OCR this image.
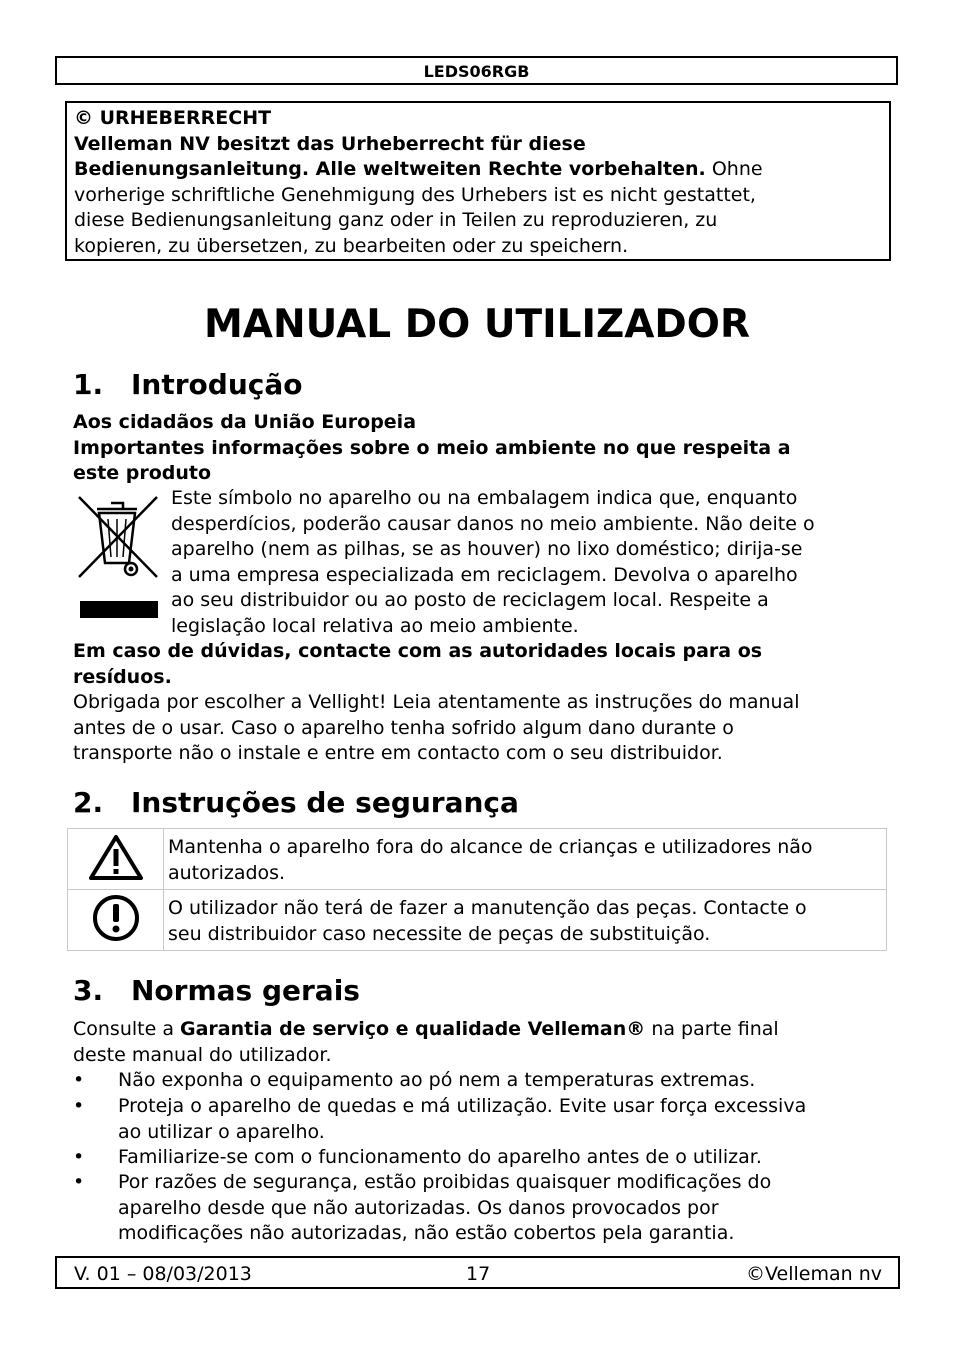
LEDS06RGB
© URHEBERRECHT
Velleman NV besitzt das Urheberrecht für diese
Bedienungsanleitung. Alle weltweiten Rechte vorbehalten. Ohne
vorherige schriftliche Genehmigung des Urhebers ist es nicht gestattet,
diese Bedienungsanleitung ganz oder in Teilen zu reproduzieren, zu
kopieren, zu übersetzen, zu bearbeiten oder zu speichern.
MANUAL DO UTILIZADOR
1. Introdução
Aos cidadãos da União Europeia
Importantes informações sobre o meio ambiente no que respeita a
este produto
Este símbolo no aparelho ou na embalagem indica que, enquanto
desperdícios, poderão causar danos no meio ambiente. Não deite o
aparelho (nem as pilhas, se as houver) no lixo doméstico; dirija-se
a uma empresa especializada em reciclagem. Devolva o aparelho
ao seu distribuidor ou ao posto de reciclagem local. Respeite a
legislação local relativa ao meio ambiente.
Em caso de dúvidas, contacte com as autoridades locais para os
resíduos.
Obrigada por escolher a Vellight! Leia atentamente as instruções do manual
antes de o usar. Caso o aparelho tenha sofrido algum dano durante o
transporte não o instale e entre em contacto com o seu distribuidor.
2. Instruções de segurança

Mantenha o aparelho fora do alcance de crianças e utilizadores não
autorizados.

O utilizador não terá de fazer a manutenção das peças. Contacte o
seu distribuidor caso necessite de peças de substituição.
3. Normas gerais
Consulte a Garantia de serviço e qualidade Velleman® na parte final
deste manual do utilizador.
• Não exponha o equipamento ao pó nem a temperaturas extremas.
• Proteja o aparelho de quedas e má utilização. Evite usar força excessiva
ao utilizar o aparelho.
• Familiarize-se com o funcionamento do aparelho antes de o utilizar.
• Por razões de segurança, estão proibidas quaisquer modificações do
aparelho desde que não autorizadas. Os danos provocados por
modificações não autorizadas, não estão cobertos pela garantia.
V. 01 – 08/03/2013	17	©Velleman nv
